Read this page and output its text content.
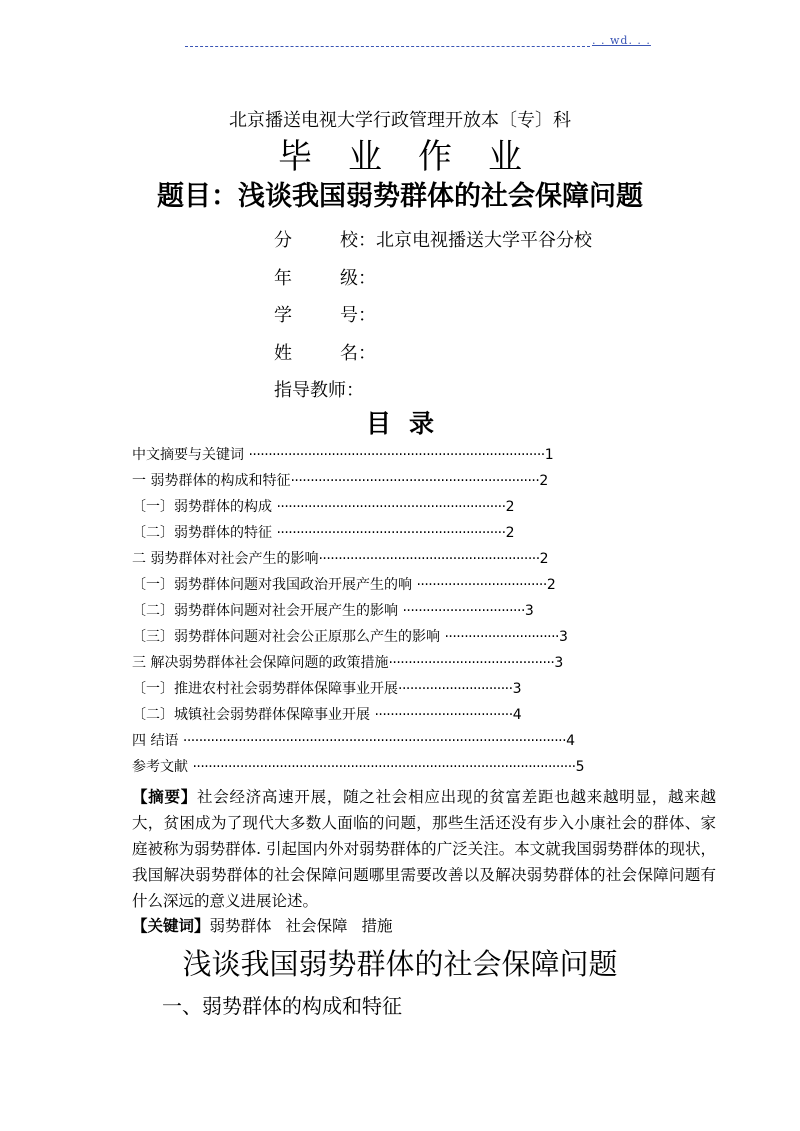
. . wd. . .
北京播送电视大学行政管理开放本〔专〕科
毕业作业
题目：浅谈我国弱势群体的社会保障问题
分校：北京电视播送大学平谷分校
年级：
学号：
姓名：
指导教师：
目录
中文摘要与关键词 ···········································································1
一 弱势群体的构成和特征·······························································2
〔一〕弱势群体的构成 ··························································2
〔二〕弱势群体的特征 ··························································2
二 弱势群体对社会产生的影响························································2
〔一〕弱势群体问题对我国政治开展产生的响 ·································2
〔二〕弱势群体问题对社会开展产生的影响 ·······························3
〔三〕弱势群体问题对社会公正原那么产生的影响 ·····························3
三 解决弱势群体社会保障问题的政策措施··········································3
〔一〕推进农村社会弱势群体保障事业开展·····························3
〔二〕城镇社会弱势群体保障事业开展 ···································4
四 结语 ·································································································4
参考文献 ·································································································5
【摘要】社会经济高速开展，随之社会相应出现的贫富差距也越来越明显，越来越大，贫困成为了现代大多数人面临的问题，那些生活还没有步入小康社会的群体、家庭被称为弱势群体. 引起国内外对弱势群体的广泛关注。本文就我国弱势群体的现状，我国解决弱势群体的社会保障问题哪里需要改善以及解决弱势群体的社会保障问题有什么深远的意义进展论述。
【关键词】弱势群体 社会保障 措施
浅谈我国弱势群体的社会保障问题
一、弱势群体的构成和特征
